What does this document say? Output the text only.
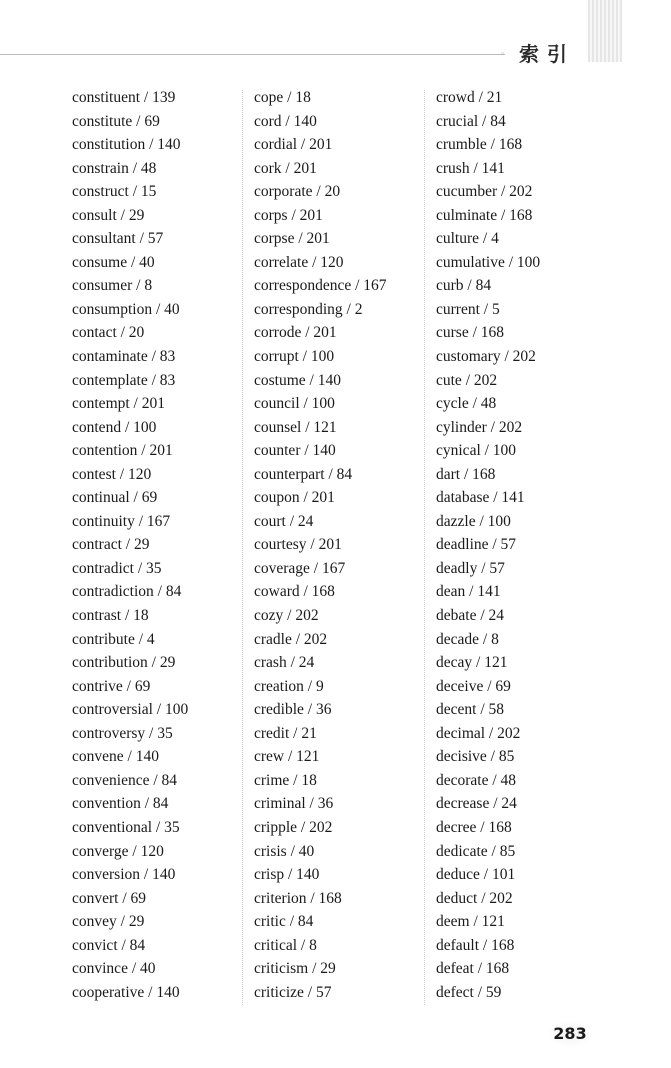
◦ 索引
constituent / 139
constitute / 69
constitution / 140
constrain / 48
construct / 15
consult / 29
consultant / 57
consume / 40
consumer / 8
consumption / 40
contact / 20
contaminate / 83
contemplate / 83
contempt / 201
contend / 100
contention / 201
contest / 120
continual / 69
continuity / 167
contract / 29
contradict / 35
contradiction / 84
contrast / 18
contribute / 4
contribution / 29
contrive / 69
controversial / 100
controversy / 35
convene / 140
convenience / 84
convention / 84
conventional / 35
converge / 120
conversion / 140
convert / 69
convey / 29
convict / 84
convince / 40
cooperative / 140
cope / 18
cord / 140
cordial / 201
cork / 201
corporate / 20
corps / 201
corpse / 201
correlate / 120
correspondence / 167
corresponding / 2
corrode / 201
corrupt / 100
costume / 140
council / 100
counsel / 121
counter / 140
counterpart / 84
coupon / 201
court / 24
courtesy / 201
coverage / 167
coward / 168
cozy / 202
cradle / 202
crash / 24
creation / 9
credible / 36
credit / 21
crew / 121
crime / 18
criminal / 36
cripple / 202
crisis / 40
crisp / 140
criterion / 168
critic / 84
critical / 8
criticism / 29
criticize / 57
crowd / 21
crucial / 84
crumble / 168
crush / 141
cucumber / 202
culminate / 168
culture / 4
cumulative / 100
curb / 84
current / 5
curse / 168
customary / 202
cute / 202
cycle / 48
cylinder / 202
cynical / 100
dart / 168
database / 141
dazzle / 100
deadline / 57
deadly / 57
dean / 141
debate / 24
decade / 8
decay / 121
deceive / 69
decent / 58
decimal / 202
decisive / 85
decorate / 48
decrease / 24
decree / 168
dedicate / 85
deduce / 101
deduct / 202
deem / 121
default / 168
defeat / 168
defect / 59
283
